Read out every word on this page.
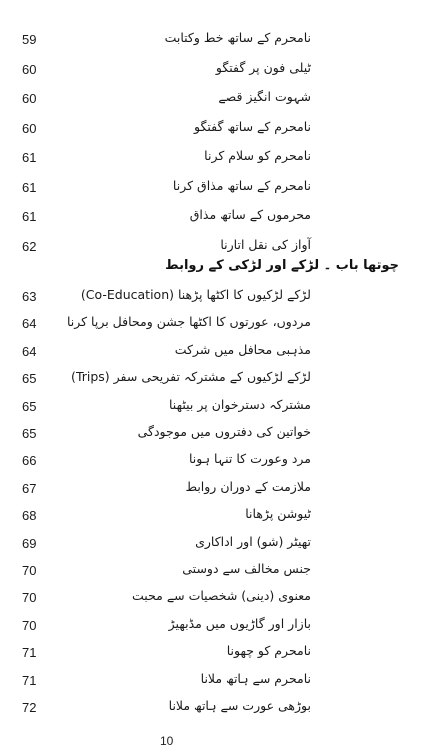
59	نامحرم کے ساتھ خط وکتابت
60	ٹیلی فون پر گفتگو
60	شہوت انگیز قصے
60	نامحرم کے ساتھ گفتگو
61	نامحرم کو سلام کرنا
61	نامحرم کے ساتھ مذاق کرنا
61	محرموں کے ساتھ مذاق
62	آواز کی نقل اتارنا
چوتھا باب ۔ لڑکے اور لڑکی کے روابط
63	لڑکے لڑکیوں کا اکٹھا پڑھنا (Co-Education)
64	مردوں، عورتوں کا اکٹھا جشن ومحافل برپا کرنا
64	مذہبی محافل میں شرکت
65	لڑکے لڑکیوں کے مشترکہ تفریحی سفر (Trips)
65	مشترکہ دسترخوان پر بیٹھنا
65	خواتین کی دفتروں میں موجودگی
66	مرد وعورت کا تنہا ہونا
67	ملازمت کے دوران روابط
68	ٹیوشن پڑھانا
69	تھیٹر (شو) اور اداکاری
70	جنس مخالف سے دوستی
70	معنوی (دینی) شخصیات سے محبت
70	بازار اور گاڑیوں میں مڈبھیڑ
71	نامحرم کو چھونا
71	نامحرم سے ہاتھ ملانا
72	بوڑھی عورت سے ہاتھ ملانا
10
